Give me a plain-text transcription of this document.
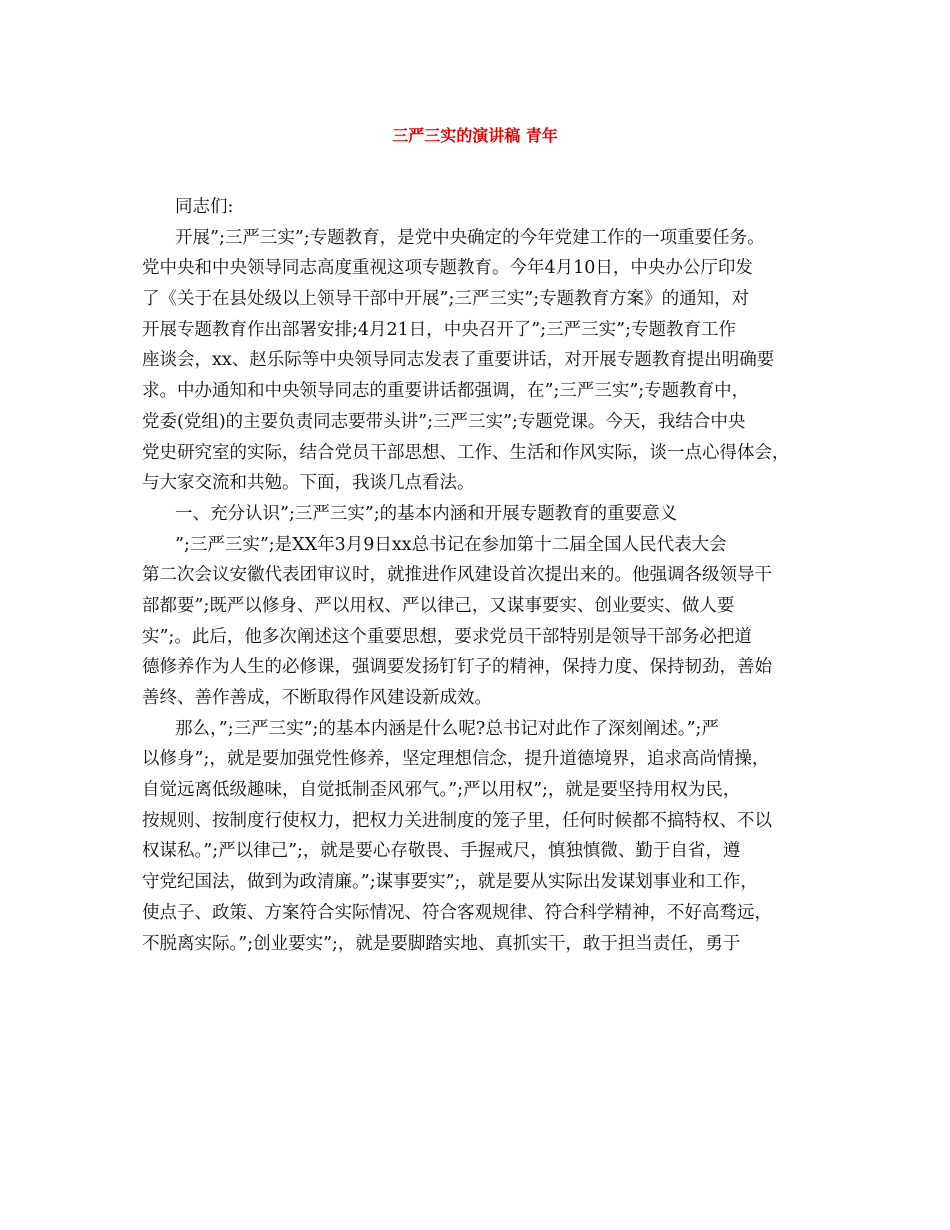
三严三实的演讲稿 青年
同志们:
开展”;三严三实”;专题教育，是党中央确定的今年党建工作的一项重要任务。
党中央和中央领导同志高度重视这项专题教育。今年4月10日，中央办公厅印发
了《关于在县处级以上领导干部中开展”;三严三实”;专题教育方案》的通知，对
开展专题教育作出部署安排;4月21日，中央召开了”;三严三实”;专题教育工作
座谈会，xx、赵乐际等中央领导同志发表了重要讲话，对开展专题教育提出明确要
求。中办通知和中央领导同志的重要讲话都强调，在”;三严三实”;专题教育中，
党委(党组)的主要负责同志要带头讲”;三严三实”;专题党课。今天，我结合中央
党史研究室的实际，结合党员干部思想、工作、生活和作风实际，谈一点心得体会，
与大家交流和共勉。下面，我谈几点看法。
一、充分认识”;三严三实”;的基本内涵和开展专题教育的重要意义
”;三严三实”;是XX年3月9日xx总书记在参加第十二届全国人民代表大会
第二次会议安徽代表团审议时，就推进作风建设首次提出来的。他强调各级领导干
部都要”;既严以修身、严以用权、严以律己，又谋事要实、创业要实、做人要
实”;。此后，他多次阐述这个重要思想，要求党员干部特别是领导干部务必把道
德修养作为人生的必修课，强调要发扬钉钉子的精神，保持力度、保持韧劲，善始
善终、善作善成，不断取得作风建设新成效。
那么，”;三严三实”;的基本内涵是什么呢?总书记对此作了深刻阐述。”;严
以修身”;，就是要加强党性修养，坚定理想信念，提升道德境界，追求高尚情操，
自觉远离低级趣味，自觉抵制歪风邪气。”;严以用权”;，就是要坚持用权为民，
按规则、按制度行使权力，把权力关进制度的笼子里，任何时候都不搞特权、不以
权谋私。”;严以律己”;，就是要心存敬畏、手握戒尺，慎独慎微、勤于自省，遵
守党纪国法，做到为政清廉。”;谋事要实”;，就是要从实际出发谋划事业和工作，
使点子、政策、方案符合实际情况、符合客观规律、符合科学精神，不好高骛远，
不脱离实际。”;创业要实”;，就是要脚踏实地、真抓实干，敢于担当责任，勇于
